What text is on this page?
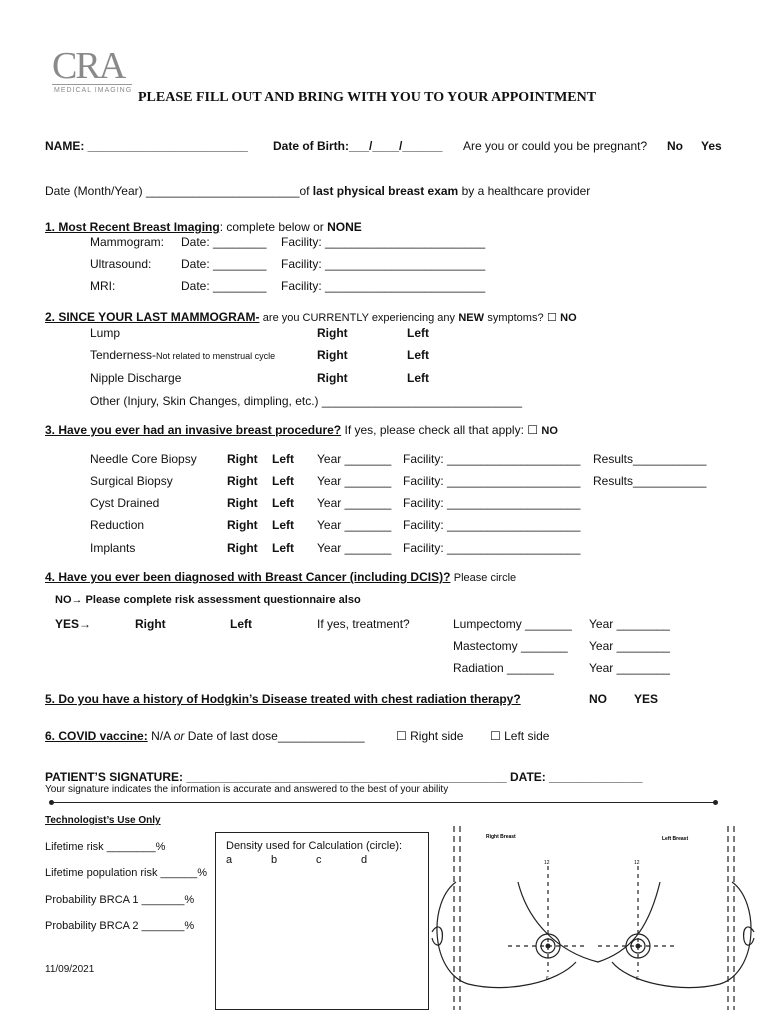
CRA
MEDICAL IMAGING PLEASE FILL OUT AND BRING WITH YOU TO YOUR APPOINTMENT
NAME: ________________________ Date of Birth:___/____/______ Are you or could you be pregnant? No Yes
Date (Month/Year) _______________________of last physical breast exam by a healthcare provider
1. Most Recent Breast Imaging: complete below or NONE
Mammogram: Date: ________ Facility: ________________________
Ultrasound: Date: ________ Facility: ________________________
MRI:	Date: ________ Facility: ________________________
2. SINCE YOUR LAST MAMMOGRAM- are you CURRENTLY experiencing any NEW symptoms? ☐ NO
Lump	Right	Left
Tenderness-Not related to menstrual cycle	Right	Left
Nipple Discharge	Right	Left
Other (Injury, Skin Changes, dimpling, etc.) ______________________________
3. Have you ever had an invasive breast procedure? If yes, please check all that apply: ☐ NO
Needle Core Biopsy	Right Left Year _______ Facility: ____________________ Results___________
Surgical Biopsy	Right Left Year _______ Facility: ____________________ Results___________
Cyst Drained	Right Left Year _______ Facility: ____________________
Reduction	Right Left Year _______ Facility: ____________________
Implants	Right Left Year _______ Facility: ____________________
4. Have you ever been diagnosed with Breast Cancer (including DCIS)? Please circle
NO→ Please complete risk assessment questionnaire also
YES→	Right	Left	If yes, treatment?	Lumpectomy _______ Year ________
Mastectomy _______ Year ________
Radiation _______	Year ________
5. Do you have a history of Hodgkin’s Disease treated with chest radiation therapy?	NO YES
6. COVID vaccine: N/A or Date of last dose_____________	☐ Right side ☐ Left side
PATIENT’S SIGNATURE: ________________________________________________ DATE: ______________
Your signature indicates the information is accurate and answered to the best of your ability
Technologist’s Use Only
Lifetime risk ________%
Lifetime population risk ______%
Probability BRCA 1 _______%
Probability BRCA 2 _______%
Density used for Calculation (circle):
a	b	c	d
Right Breast	Left Breast
12	12
6	6
11/09/2021
